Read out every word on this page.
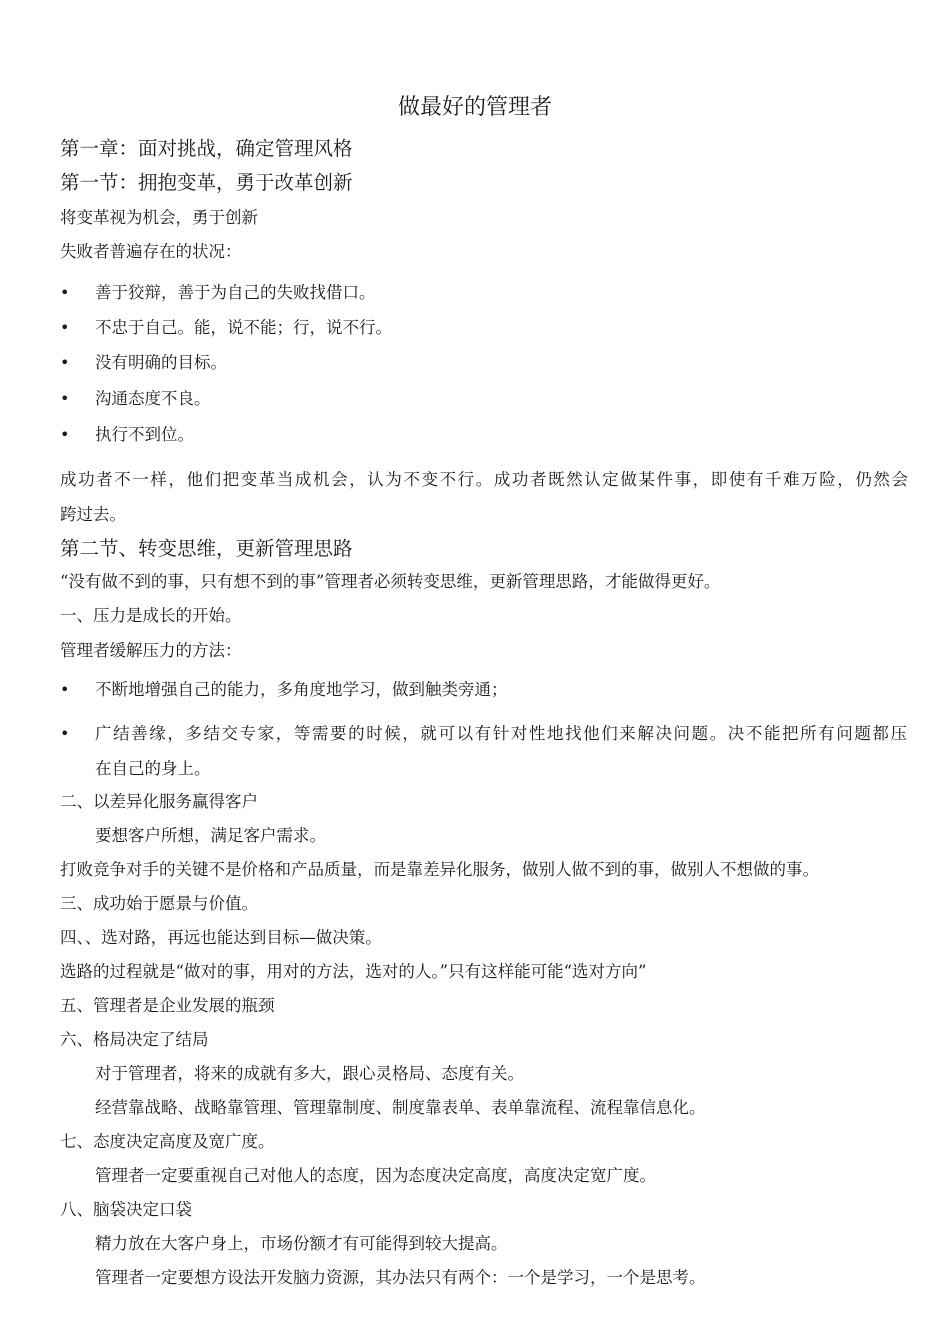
做最好的管理者
第一章：面对挑战，确定管理风格
第一节：拥抱变革，勇于改革创新
将变革视为机会，勇于创新
失败者普遍存在的状况：
• 善于狡辩，善于为自己的失败找借口。
• 不忠于自己。能，说不能；行，说不行。
• 没有明确的目标。
• 沟通态度不良。
• 执行不到位。
成功者不一样，他们把变革当成机会，认为不变不行。成功者既然认定做某件事，即使有千难万险，仍然会
跨过去。
第二节、转变思维，更新管理思路
“没有做不到的事，只有想不到的事”管理者必须转变思维，更新管理思路，才能做得更好。
一、压力是成长的开始。
管理者缓解压力的方法：
• 不断地增强自己的能力，多角度地学习，做到触类旁通；
• 广结善缘，多结交专家，等需要的时候，就可以有针对性地找他们来解决问题。决不能把所有问题都压
在自己的身上。
二、以差异化服务赢得客户
要想客户所想，满足客户需求。
打败竞争对手的关键不是价格和产品质量，而是靠差异化服务，做别人做不到的事，做别人不想做的事。
三、成功始于愿景与价值。
四、、选对路，再远也能达到目标—做决策。
选路的过程就是“做对的事，用对的方法，选对的人。”只有这样能可能“选对方向”
五、管理者是企业发展的瓶颈
六、格局决定了结局
对于管理者，将来的成就有多大，跟心灵格局、态度有关。
经营靠战略、战略靠管理、管理靠制度、制度靠表单、表单靠流程、流程靠信息化。
七、态度决定高度及宽广度。
管理者一定要重视自己对他人的态度，因为态度决定高度，高度决定宽广度。
八、脑袋决定口袋
精力放在大客户身上，市场份额才有可能得到较大提高。
管理者一定要想方设法开发脑力资源，其办法只有两个：一个是学习，一个是思考。
